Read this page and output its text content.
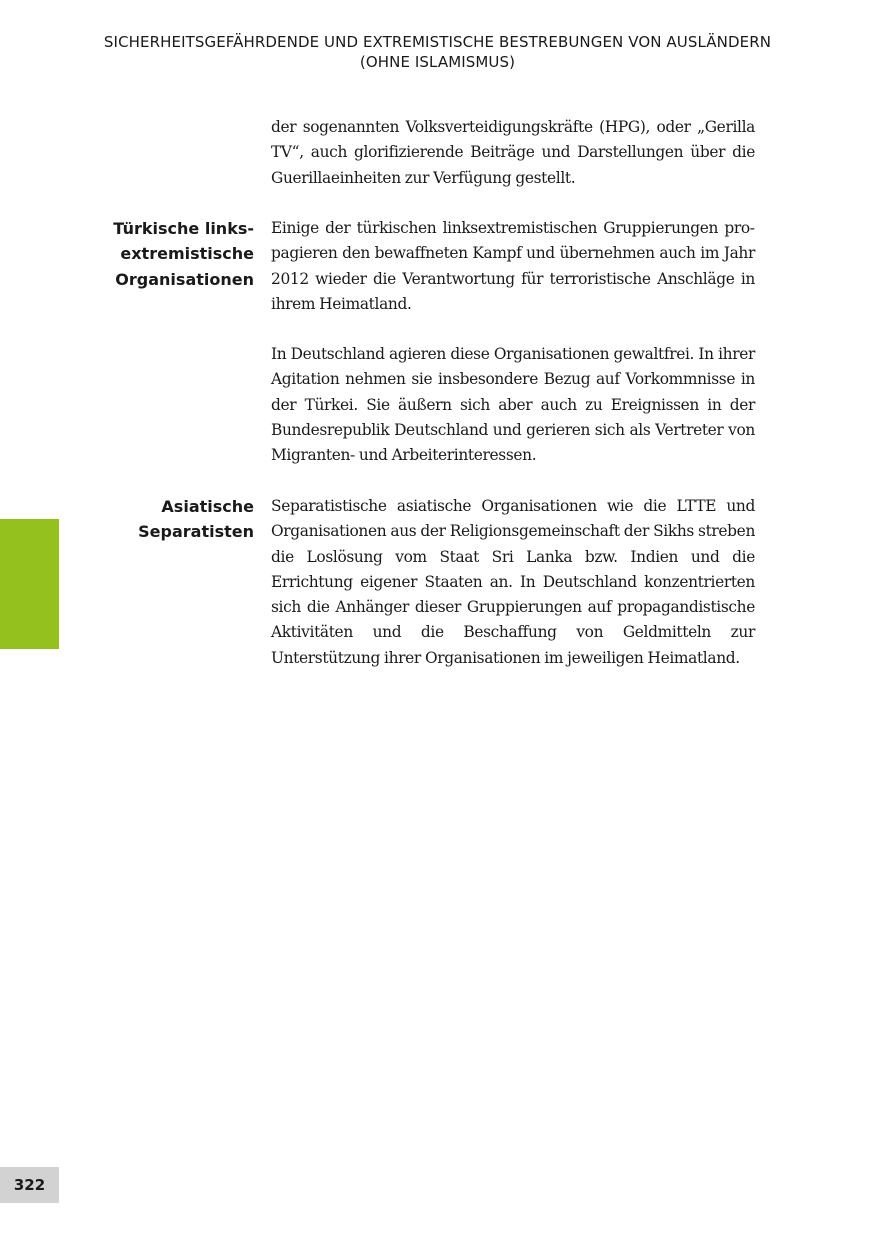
SICHERHEITSGEFÄHRDENDE UND EXTREMISTISCHE BESTREBUNGEN VON AUSLÄNDERN
(OHNE ISLAMISMUS)

der sogenannten Volksverteidigungskräfte (HPG), oder „Gerilla TV“, auch glorifizierende Beiträge und Darstellungen über die Guerillaeinheiten zur Verfügung gestellt.

Türkische links-
extremistische
Organisationen

Einige der türkischen linksextremistischen Gruppierungen propagieren den bewaffneten Kampf und übernehmen auch im Jahr 2012 wieder die Verantwortung für terroristische Anschläge in ihrem Heimatland.

In Deutschland agieren diese Organisationen gewaltfrei. In ihrer Agitation nehmen sie insbesondere Bezug auf Vorkommnisse in der Türkei. Sie äußern sich aber auch zu Ereignissen in der Bundesrepublik Deutschland und gerieren sich als Vertreter von Migranten- und Arbeiterinteressen.

Asiatische
Separatisten

Separatistische asiatische Organisationen wie die LTTE und Organisationen aus der Religionsgemeinschaft der Sikhs streben die Loslösung vom Staat Sri Lanka bzw. Indien und die Errichtung eigener Staaten an. In Deutschland konzentrierten sich die Anhänger dieser Gruppierungen auf propagandistische Aktivitäten und die Beschaffung von Geldmitteln zur Unterstützung ihrer Organisationen im jeweiligen Heimatland.

322
